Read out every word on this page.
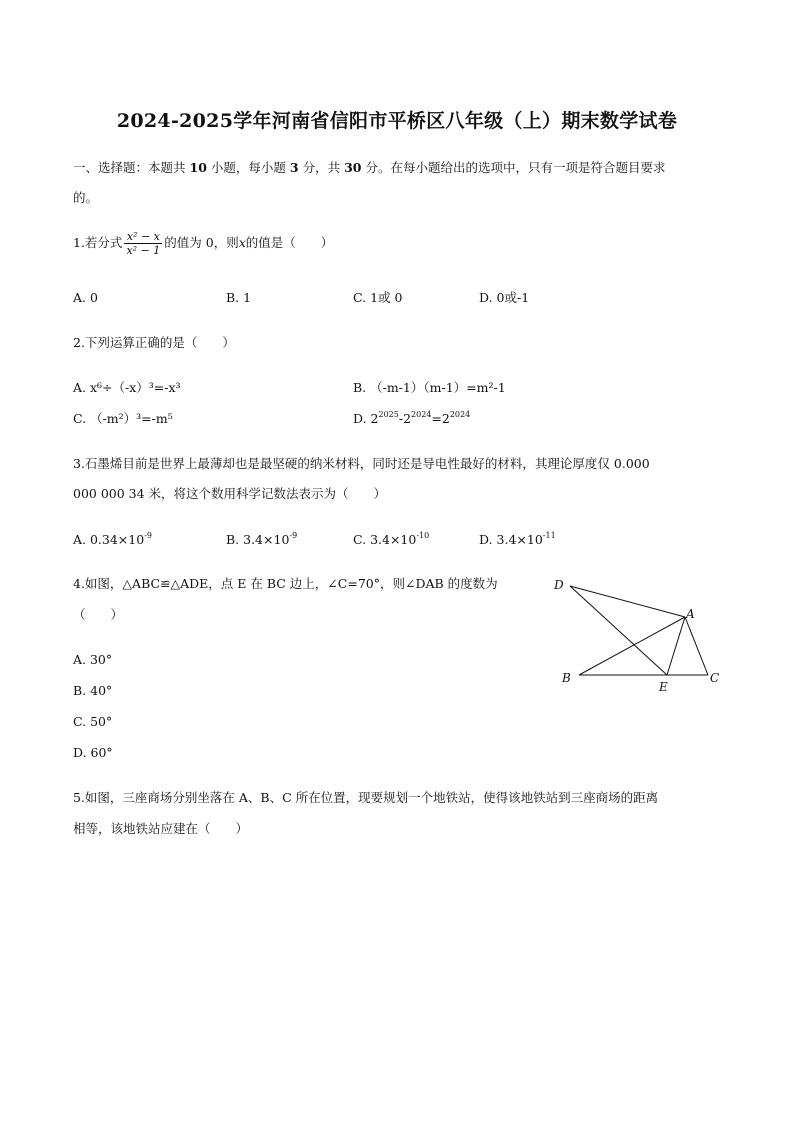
2024-2025学年河南省信阳市平桥区八年级（上）期末数学试卷
一、选择题：本题共 10 小题，每小题 3 分，共 30 分。在每小题给出的选项中，只有一项是符合题目要求
的。
1.若分式 $\frac{\text{x² − x}}{\text{x² − 1}}$ 的值为 0，则x的值是（　　）
A. 0	B. 1	C. 1或 0	D. 0或-1
2.下列运算正确的是（　　）
A. x⁶÷（-x）³=-x³	B. （-m-1）（m-1）=m²-1
C. （-m²）³=-m⁵	D. $2^{2025}-2^{2024}=2^{2024}$
3.石墨烯目前是世界上最薄却也是最坚硬的纳米材料，同时还是导电性最好的材料，其理论厚度仅 0.000
000 000 34 米，将这个数用科学记数法表示为（　　）
A. $0.34\times 10^{-9}$	B. $3.4\times 10^{-9}$	C. $3.4\times 10^{-10}$	D. $3.4\times 10^{-11}$
4.如图，△ABC≌△ADE，点 E 在 BC 边上，∠C=70°，则∠DAB 的度数为
（　　）
A. 30°
B. 40°
C. 50°
D. 60°
D
A
B
E
C
5.如图，三座商场分别坐落在 A、B、C 所在位置，现要规划一个地铁站，使得该地铁站到三座商场的距离
相等，该地铁站应建在（　　）
